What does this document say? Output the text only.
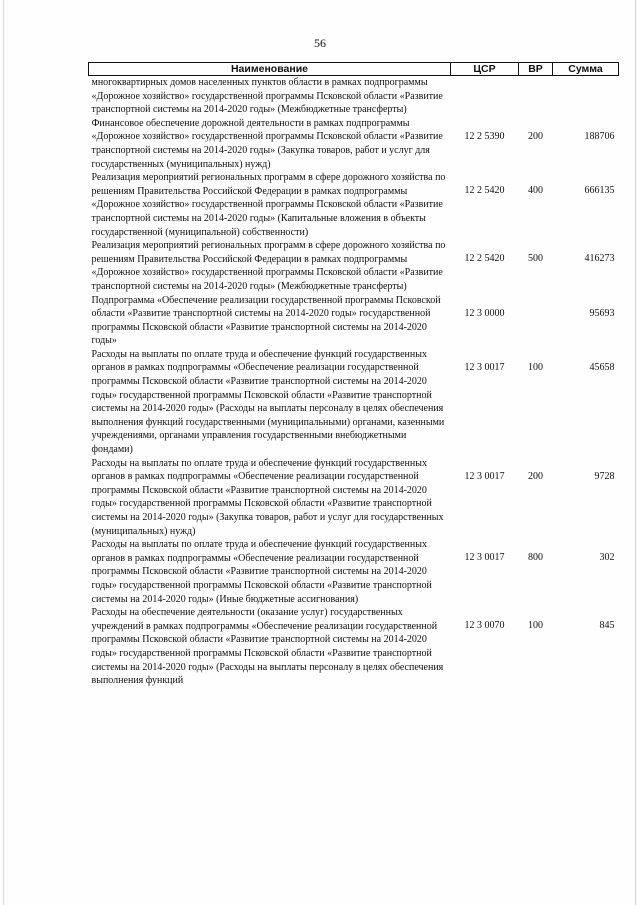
56
Наименование	ЦСР	ВР	Сумма
многоквартирных домов населенных пунктов области в рамках подпрограммы «Дорожное хозяйство» государственной программы Псковской области «Развитие транспортной системы на 2014-2020 годы» (Межбюджетные трансферты)			
Финансовое обеспечение дорожной деятельности в рамках подпрограммы «Дорожное хозяйство» государственной программы Псковской области «Развитие транспортной системы на 2014-2020 годы» (Закупка товаров, работ и услуг для государственных (муниципальных) нужд)	12 2 5390	200	188706
Реализация мероприятий региональных программ в сфере дорожного хозяйства по решениям Правительства Российской Федерации в рамках подпрограммы «Дорожное хозяйство» государственной программы Псковской области «Развитие транспортной системы на 2014-2020 годы» (Капитальные вложения в объекты государственной (муниципальной) собственности)	12 2 5420	400	666135
Реализация мероприятий региональных программ в сфере дорожного хозяйства по решениям Правительства Российской Федерации в рамках подпрограммы «Дорожное хозяйство» государственной программы Псковской области «Развитие транспортной системы на 2014-2020 годы» (Межбюджетные трансферты)	12 2 5420	500	416273
Подпрограмма «Обеспечение реализации государственной программы Псковской области «Развитие транспортной системы на 2014-2020 годы» государственной программы Псковской области «Развитие транспортной системы на 2014-2020 годы»	12 3 0000		95693
Расходы на выплаты по оплате труда и обеспечение функций государственных органов в рамках подпрограммы «Обеспечение реализации государственной программы Псковской области «Развитие транспортной системы на 2014-2020 годы» государственной программы Псковской области «Развитие транспортной системы на 2014-2020 годы» (Расходы на выплаты персоналу в целях обеспечения выполнения функций государственными (муниципальными) органами, казенными учреждениями, органами управления государственными внебюджетными фондами)	12 3 0017	100	45658
Расходы на выплаты по оплате труда и обеспечение функций государственных органов в рамках подпрограммы «Обеспечение реализации государственной программы Псковской области «Развитие транспортной системы на 2014-2020 годы» государственной программы Псковской области «Развитие транспортной системы на 2014-2020 годы» (Закупка товаров, работ и услуг для государственных (муниципальных) нужд)	12 3 0017	200	9728
Расходы на выплаты по оплате труда и обеспечение функций государственных органов в рамках подпрограммы «Обеспечение реализации государственной программы Псковской области «Развитие транспортной системы на 2014-2020 годы» государственной программы Псковской области «Развитие транспортной системы на 2014-2020 годы» (Иные бюджетные ассигнования)	12 3 0017	800	302
Расходы на обеспечение деятельности (оказание услуг) государственных учреждений в рамках подпрограммы «Обеспечение реализации государственной программы Псковской области «Развитие транспортной системы на 2014-2020 годы» государственной программы Псковской области «Развитие транспортной системы на 2014-2020 годы» (Расходы на выплаты персоналу в целях обеспечения выполнения функций	12 3 0070	100	845
